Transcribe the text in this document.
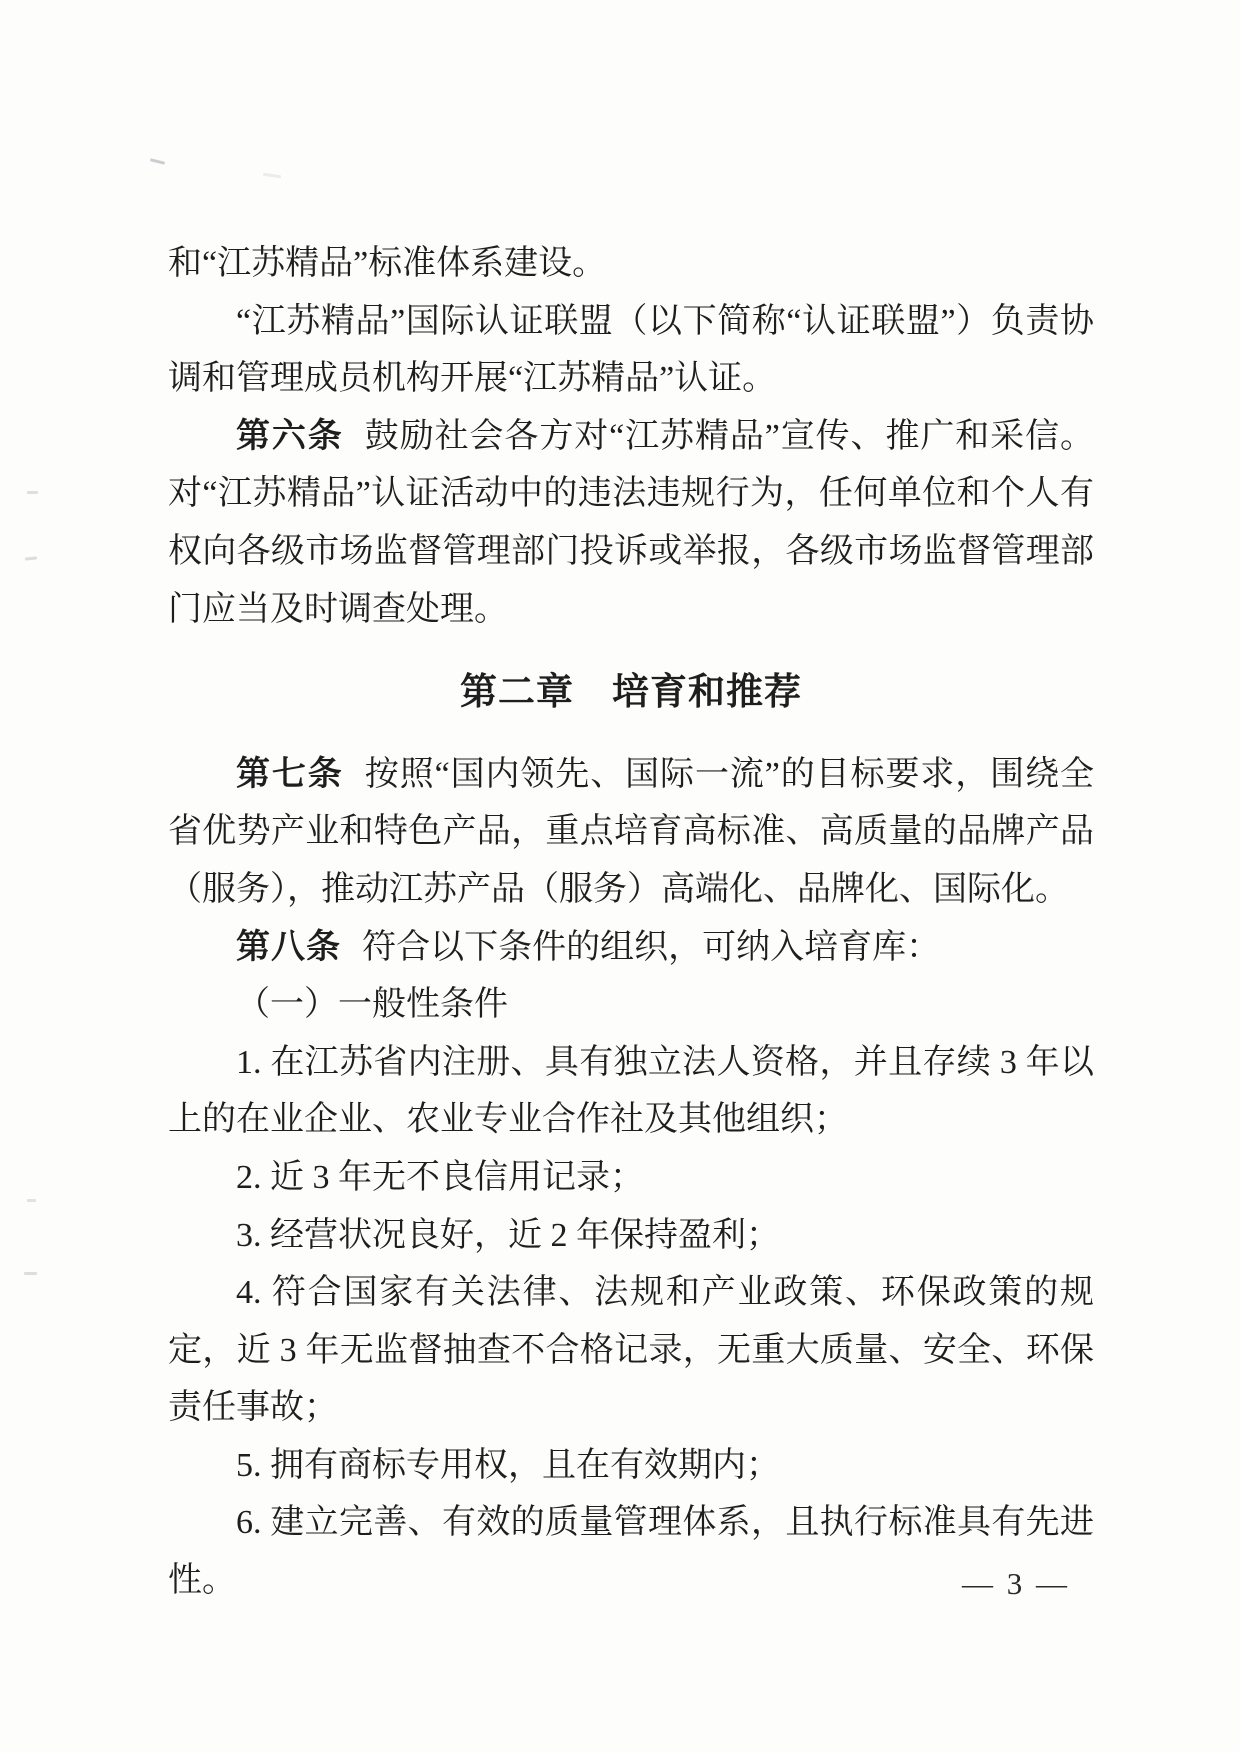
和“江苏精品”标准体系建设。

“江苏精品”国际认证联盟（以下简称“认证联盟”）负责协调和管理成员机构开展“江苏精品”认证。

第六条 鼓励社会各方对“江苏精品”宣传、推广和采信。对“江苏精品”认证活动中的违法违规行为，任何单位和个人有权向各级市场监督管理部门投诉或举报，各级市场监督管理部门应当及时调查处理。

第二章　培育和推荐

第七条 按照“国内领先、国际一流”的目标要求，围绕全省优势产业和特色产品，重点培育高标准、高质量的品牌产品（服务），推动江苏产品（服务）高端化、品牌化、国际化。

第八条 符合以下条件的组织，可纳入培育库：

（一）一般性条件

1. 在江苏省内注册、具有独立法人资格，并且存续 3 年以上的在业企业、农业专业合作社及其他组织；

2. 近 3 年无不良信用记录；

3. 经营状况良好，近 2 年保持盈利；

4. 符合国家有关法律、法规和产业政策、环保政策的规定，近 3 年无监督抽查不合格记录，无重大质量、安全、环保责任事故；

5. 拥有商标专用权，且在有效期内；

6. 建立完善、有效的质量管理体系，且执行标准具有先进性。	— 3 —
